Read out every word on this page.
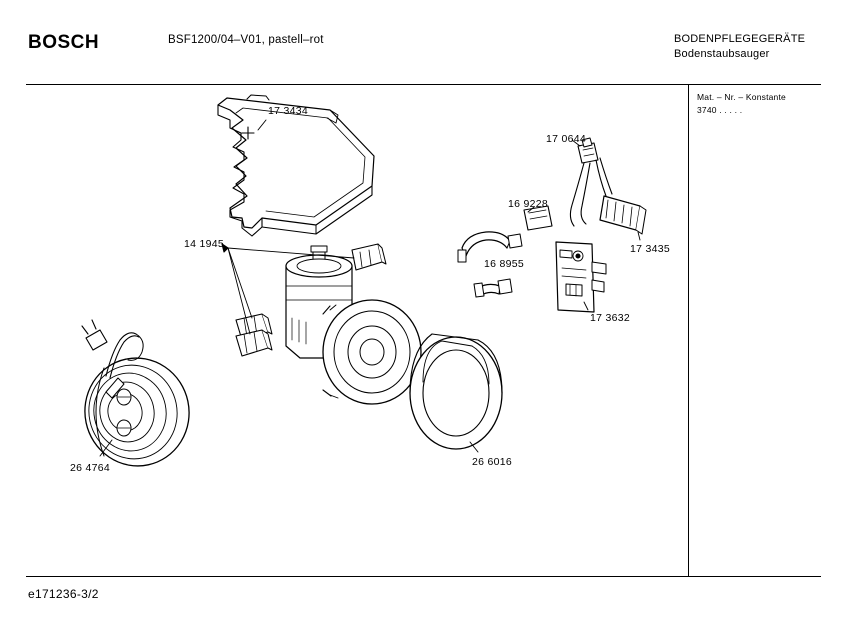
BOSCH	BSF1200/04–V01, pastell–rot	BODENPFLEGEGERÄTE
Bodenstaubsauger
Mat. – Nr. – Konstante
3740 . . . . .
e171236-3/2
17 3434
14 1945
26 4764
16 8955
16 9228
17 0644
17 3435
17 3632
26 6016
